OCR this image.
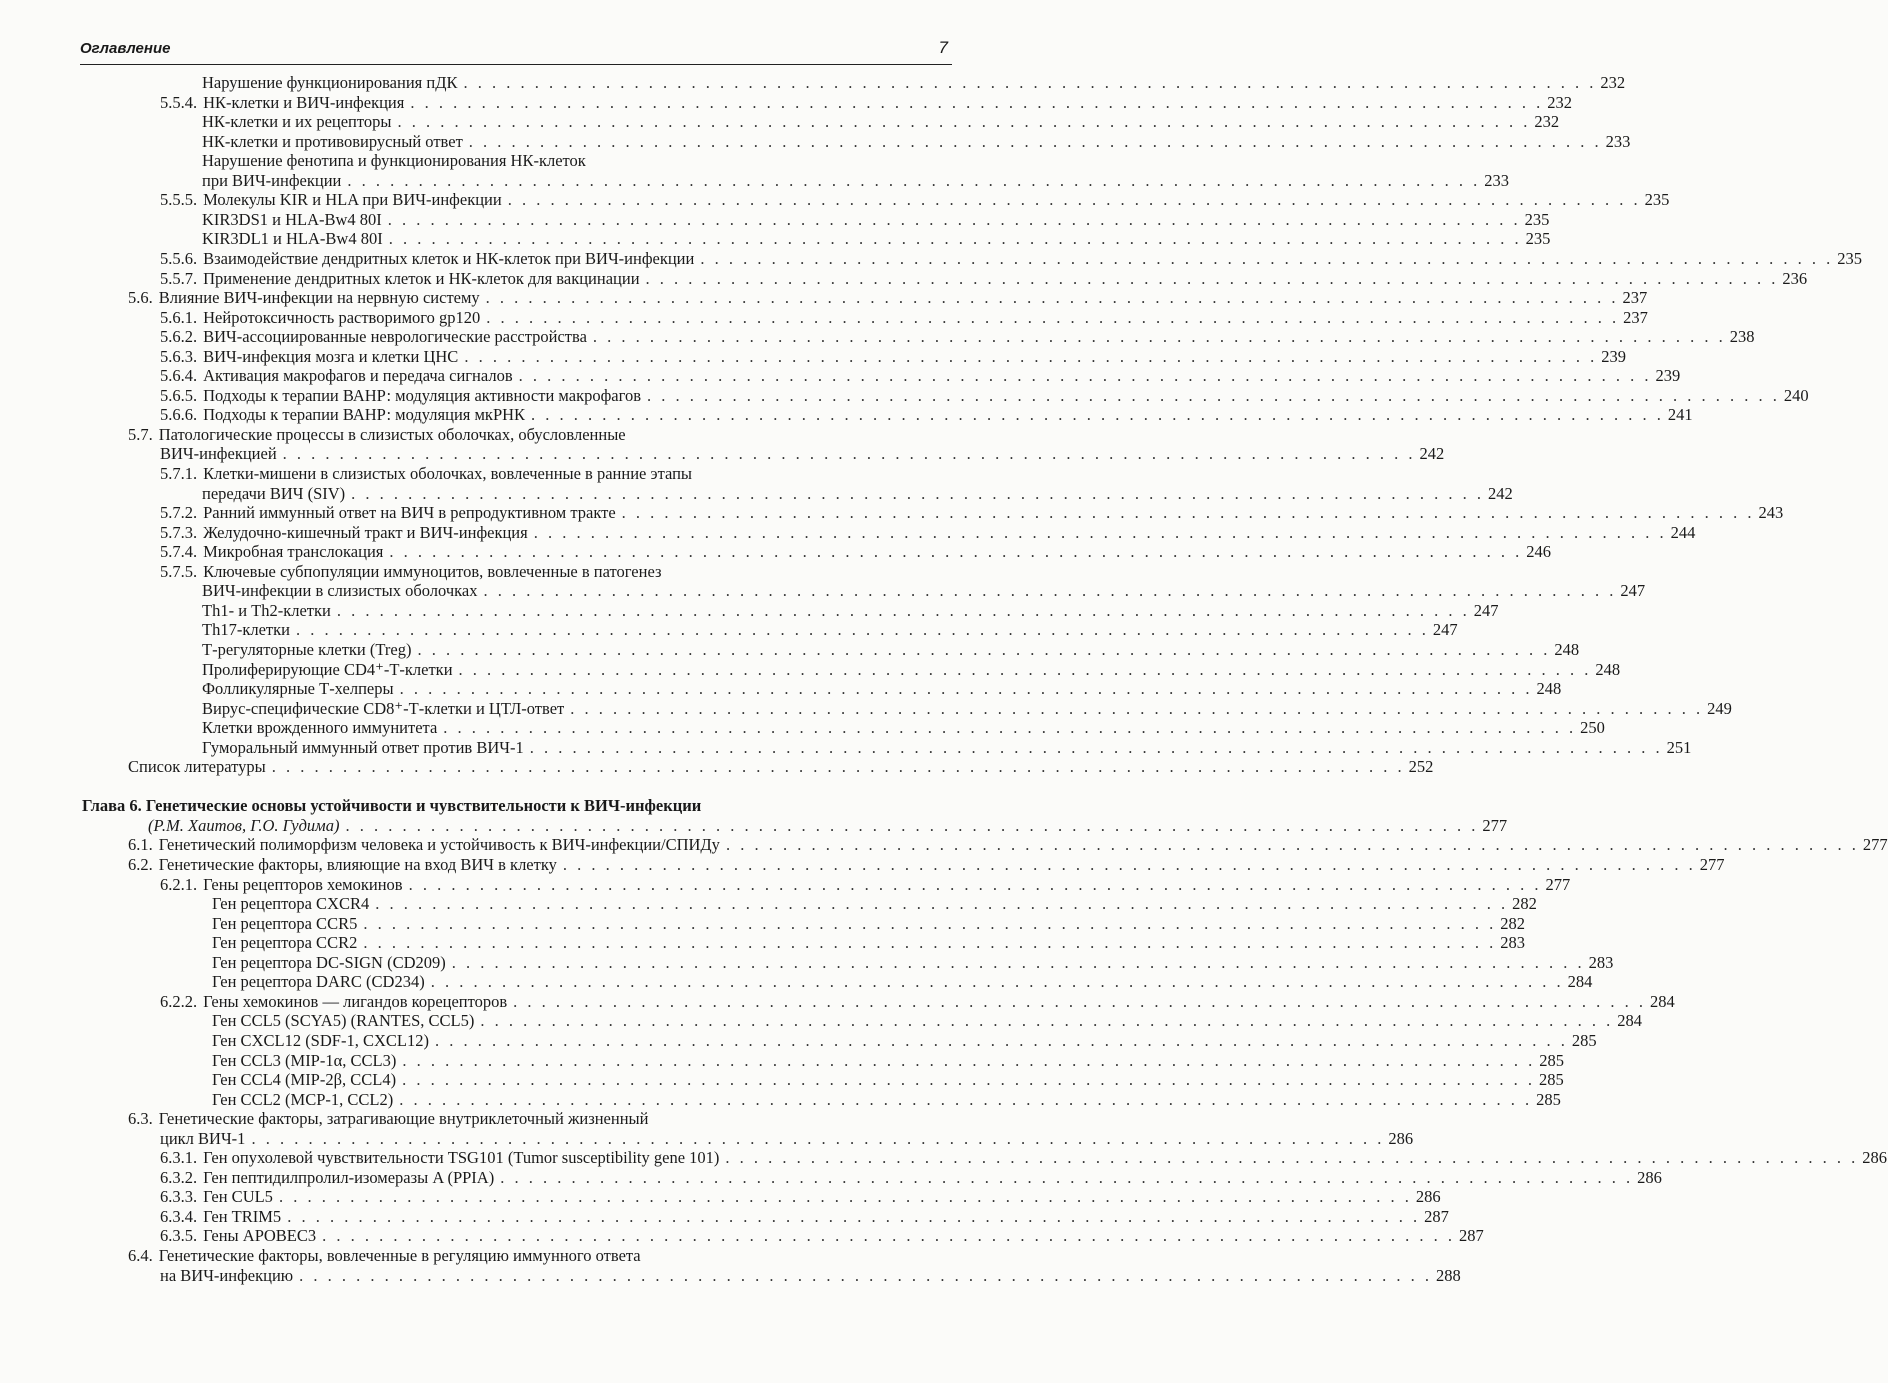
Оглавление	7
Нарушение функционирования пДК . . . . . . . . . . . . . . . . . . . . . . . . . . . . . . . . . . . . . . . . . . . . . . . . . . . . . . . . . . . . . . . . . . . . . . . . . . . . . . . . 232
5.5.4. НК-клетки и ВИЧ-инфекция . . . . . . . . . . . . . . . . . . . . . . . . . . . . . . . . . . . . . . . . . . . . . . . . . . . . . . . . . . . . . . . . . . . . . . . . . . . . . . . . 232
НК-клетки и их рецепторы . . . . . . . . . . . . . . . . . . . . . . . . . . . . . . . . . . . . . . . . . . . . . . . . . . . . . . . . . . . . . . . . . . . . . . . . . . . . . . . . 232
НК-клетки и противовирусный ответ . . . . . . . . . . . . . . . . . . . . . . . . . . . . . . . . . . . . . . . . . . . . . . . . . . . . . . . . . . . . . . . . . . . . . . . . . . . . . . . . 233
Нарушение фенотипа и функционирования НК-клеток
при ВИЧ-инфекции . . . . . . . . . . . . . . . . . . . . . . . . . . . . . . . . . . . . . . . . . . . . . . . . . . . . . . . . . . . . . . . . . . . . . . . . . . . . . . . . 233
5.5.5. Молекулы KIR и HLA при ВИЧ-инфекции . . . . . . . . . . . . . . . . . . . . . . . . . . . . . . . . . . . . . . . . . . . . . . . . . . . . . . . . . . . . . . . . . . . . . . . . . . . . . . . . 235
KIR3DS1 и HLA-Bw4 80I . . . . . . . . . . . . . . . . . . . . . . . . . . . . . . . . . . . . . . . . . . . . . . . . . . . . . . . . . . . . . . . . . . . . . . . . . . . . . . . . 235
KIR3DL1 и HLA-Bw4 80I . . . . . . . . . . . . . . . . . . . . . . . . . . . . . . . . . . . . . . . . . . . . . . . . . . . . . . . . . . . . . . . . . . . . . . . . . . . . . . . . 235
5.5.6. Взаимодействие дендритных клеток и НК-клеток при ВИЧ-инфекции . . . . . . . . . . . . . . . . . . . . . . . . . . . . . . . . . . . . . . . . . . . . . . . . . . . . . . . . . . . . . . . . . . . . . . . . . . . . . . . . 235
5.5.7. Применение дендритных клеток и НК-клеток для вакцинации . . . . . . . . . . . . . . . . . . . . . . . . . . . . . . . . . . . . . . . . . . . . . . . . . . . . . . . . . . . . . . . . . . . . . . . . . . . . . . . . 236
5.6. Влияние ВИЧ-инфекции на нервную систему . . . . . . . . . . . . . . . . . . . . . . . . . . . . . . . . . . . . . . . . . . . . . . . . . . . . . . . . . . . . . . . . . . . . . . . . . . . . . . . . 237
5.6.1. Нейротоксичность растворимого gp120 . . . . . . . . . . . . . . . . . . . . . . . . . . . . . . . . . . . . . . . . . . . . . . . . . . . . . . . . . . . . . . . . . . . . . . . . . . . . . . . . 237
5.6.2. ВИЧ-ассоциированные неврологические расстройства . . . . . . . . . . . . . . . . . . . . . . . . . . . . . . . . . . . . . . . . . . . . . . . . . . . . . . . . . . . . . . . . . . . . . . . . . . . . . . . . 238
5.6.3. ВИЧ-инфекция мозга и клетки ЦНС . . . . . . . . . . . . . . . . . . . . . . . . . . . . . . . . . . . . . . . . . . . . . . . . . . . . . . . . . . . . . . . . . . . . . . . . . . . . . . . . 239
5.6.4. Активация макрофагов и передача сигналов . . . . . . . . . . . . . . . . . . . . . . . . . . . . . . . . . . . . . . . . . . . . . . . . . . . . . . . . . . . . . . . . . . . . . . . . . . . . . . . . 239
5.6.5. Подходы к терапии ВАНР: модуляция активности макрофагов . . . . . . . . . . . . . . . . . . . . . . . . . . . . . . . . . . . . . . . . . . . . . . . . . . . . . . . . . . . . . . . . . . . . . . . . . . . . . . . . 240
5.6.6. Подходы к терапии ВАНР: модуляция мкРНК . . . . . . . . . . . . . . . . . . . . . . . . . . . . . . . . . . . . . . . . . . . . . . . . . . . . . . . . . . . . . . . . . . . . . . . . . . . . . . . . 241
5.7. Патологические процессы в слизистых оболочках, обусловленные
ВИЧ-инфекцией . . . . . . . . . . . . . . . . . . . . . . . . . . . . . . . . . . . . . . . . . . . . . . . . . . . . . . . . . . . . . . . . . . . . . . . . . . . . . . . . 242
5.7.1. Клетки-мишени в слизистых оболочках, вовлеченные в ранние этапы
передачи ВИЧ (SIV) . . . . . . . . . . . . . . . . . . . . . . . . . . . . . . . . . . . . . . . . . . . . . . . . . . . . . . . . . . . . . . . . . . . . . . . . . . . . . . . . 242
5.7.2. Ранний иммунный ответ на ВИЧ в репродуктивном тракте . . . . . . . . . . . . . . . . . . . . . . . . . . . . . . . . . . . . . . . . . . . . . . . . . . . . . . . . . . . . . . . . . . . . . . . . . . . . . . . . 243
5.7.3. Желудочно-кишечный тракт и ВИЧ-инфекция . . . . . . . . . . . . . . . . . . . . . . . . . . . . . . . . . . . . . . . . . . . . . . . . . . . . . . . . . . . . . . . . . . . . . . . . . . . . . . . . 244
5.7.4. Микробная транслокация . . . . . . . . . . . . . . . . . . . . . . . . . . . . . . . . . . . . . . . . . . . . . . . . . . . . . . . . . . . . . . . . . . . . . . . . . . . . . . . . 246
5.7.5. Ключевые субпопуляции иммуноцитов, вовлеченные в патогенез
ВИЧ-инфекции в слизистых оболочках . . . . . . . . . . . . . . . . . . . . . . . . . . . . . . . . . . . . . . . . . . . . . . . . . . . . . . . . . . . . . . . . . . . . . . . . . . . . . . . . 247
Th1- и Th2-клетки . . . . . . . . . . . . . . . . . . . . . . . . . . . . . . . . . . . . . . . . . . . . . . . . . . . . . . . . . . . . . . . . . . . . . . . . . . . . . . . . 247
Th17-клетки . . . . . . . . . . . . . . . . . . . . . . . . . . . . . . . . . . . . . . . . . . . . . . . . . . . . . . . . . . . . . . . . . . . . . . . . . . . . . . . . 247
Т-регуляторные клетки (Treg) . . . . . . . . . . . . . . . . . . . . . . . . . . . . . . . . . . . . . . . . . . . . . . . . . . . . . . . . . . . . . . . . . . . . . . . . . . . . . . . . 248
Пролиферирующие CD4⁺-Т-клетки . . . . . . . . . . . . . . . . . . . . . . . . . . . . . . . . . . . . . . . . . . . . . . . . . . . . . . . . . . . . . . . . . . . . . . . . . . . . . . . . 248
Фолликулярные Т-хелперы . . . . . . . . . . . . . . . . . . . . . . . . . . . . . . . . . . . . . . . . . . . . . . . . . . . . . . . . . . . . . . . . . . . . . . . . . . . . . . . . 248
Вирус-специфические CD8⁺-Т-клетки и ЦТЛ-ответ . . . . . . . . . . . . . . . . . . . . . . . . . . . . . . . . . . . . . . . . . . . . . . . . . . . . . . . . . . . . . . . . . . . . . . . . . . . . . . . . 249
Клетки врожденного иммунитета . . . . . . . . . . . . . . . . . . . . . . . . . . . . . . . . . . . . . . . . . . . . . . . . . . . . . . . . . . . . . . . . . . . . . . . . . . . . . . . . 250
Гуморальный иммунный ответ против ВИЧ-1 . . . . . . . . . . . . . . . . . . . . . . . . . . . . . . . . . . . . . . . . . . . . . . . . . . . . . . . . . . . . . . . . . . . . . . . . . . . . . . . . 251
Список литературы . . . . . . . . . . . . . . . . . . . . . . . . . . . . . . . . . . . . . . . . . . . . . . . . . . . . . . . . . . . . . . . . . . . . . . . . . . . . . . . . 252
Глава 6. Генетические основы устойчивости и чувствительности к ВИЧ-инфекции
(Р.М. Хаитов, Г.О. Гудима) . . . . . . . . . . . . . . . . . . . . . . . . . . . . . . . . . . . . . . . . . . . . . . . . . . . . . . . . . . . . . . . . . . . . . . . . . . . . . . . . 277
6.1. Генетический полиморфизм человека и устойчивость к ВИЧ-инфекции/СПИДу . . . . . . . . . . . . . . . . . . . . . . . . . . . . . . . . . . . . . . . . . . . . . . . . . . . . . . . . . . . . . . . . . . . . . . . . . . . . . . . . 277
6.2. Генетические факторы, влияющие на вход ВИЧ в клетку . . . . . . . . . . . . . . . . . . . . . . . . . . . . . . . . . . . . . . . . . . . . . . . . . . . . . . . . . . . . . . . . . . . . . . . . . . . . . . . . 277
6.2.1. Гены рецепторов хемокинов . . . . . . . . . . . . . . . . . . . . . . . . . . . . . . . . . . . . . . . . . . . . . . . . . . . . . . . . . . . . . . . . . . . . . . . . . . . . . . . . 277
Ген рецептора CXCR4 . . . . . . . . . . . . . . . . . . . . . . . . . . . . . . . . . . . . . . . . . . . . . . . . . . . . . . . . . . . . . . . . . . . . . . . . . . . . . . . . 282
Ген рецептора CCR5 . . . . . . . . . . . . . . . . . . . . . . . . . . . . . . . . . . . . . . . . . . . . . . . . . . . . . . . . . . . . . . . . . . . . . . . . . . . . . . . . 282
Ген рецептора CCR2 . . . . . . . . . . . . . . . . . . . . . . . . . . . . . . . . . . . . . . . . . . . . . . . . . . . . . . . . . . . . . . . . . . . . . . . . . . . . . . . . 283
Ген рецептора DC-SIGN (CD209) . . . . . . . . . . . . . . . . . . . . . . . . . . . . . . . . . . . . . . . . . . . . . . . . . . . . . . . . . . . . . . . . . . . . . . . . . . . . . . . . 283
Ген рецептора DARC (CD234) . . . . . . . . . . . . . . . . . . . . . . . . . . . . . . . . . . . . . . . . . . . . . . . . . . . . . . . . . . . . . . . . . . . . . . . . . . . . . . . . 284
6.2.2. Гены хемокинов — лигандов корецепторов . . . . . . . . . . . . . . . . . . . . . . . . . . . . . . . . . . . . . . . . . . . . . . . . . . . . . . . . . . . . . . . . . . . . . . . . . . . . . . . . 284
Ген CCL5 (SCYA5) (RANTES, CCL5) . . . . . . . . . . . . . . . . . . . . . . . . . . . . . . . . . . . . . . . . . . . . . . . . . . . . . . . . . . . . . . . . . . . . . . . . . . . . . . . . 284
Ген CXCL12 (SDF-1, CXCL12) . . . . . . . . . . . . . . . . . . . . . . . . . . . . . . . . . . . . . . . . . . . . . . . . . . . . . . . . . . . . . . . . . . . . . . . . . . . . . . . . 285
Ген CCL3 (MIP-1α, CCL3) . . . . . . . . . . . . . . . . . . . . . . . . . . . . . . . . . . . . . . . . . . . . . . . . . . . . . . . . . . . . . . . . . . . . . . . . . . . . . . . . 285
Ген CCL4 (MIP-2β, CCL4) . . . . . . . . . . . . . . . . . . . . . . . . . . . . . . . . . . . . . . . . . . . . . . . . . . . . . . . . . . . . . . . . . . . . . . . . . . . . . . . . 285
Ген CCL2 (MCP-1, CCL2) . . . . . . . . . . . . . . . . . . . . . . . . . . . . . . . . . . . . . . . . . . . . . . . . . . . . . . . . . . . . . . . . . . . . . . . . . . . . . . . . 285
6.3. Генетические факторы, затрагивающие внутриклеточный жизненный
цикл ВИЧ-1 . . . . . . . . . . . . . . . . . . . . . . . . . . . . . . . . . . . . . . . . . . . . . . . . . . . . . . . . . . . . . . . . . . . . . . . . . . . . . . . . 286
6.3.1. Ген опухолевой чувствительности TSG101 (Tumor susceptibility gene 101) . . . . . . . . . . . . . . . . . . . . . . . . . . . . . . . . . . . . . . . . . . . . . . . . . . . . . . . . . . . . . . . . . . . . . . . . . . . . . . . . 286
6.3.2. Ген пептидилпролил-изомеразы A (PPIA) . . . . . . . . . . . . . . . . . . . . . . . . . . . . . . . . . . . . . . . . . . . . . . . . . . . . . . . . . . . . . . . . . . . . . . . . . . . . . . . . 286
6.3.3. Ген CUL5 . . . . . . . . . . . . . . . . . . . . . . . . . . . . . . . . . . . . . . . . . . . . . . . . . . . . . . . . . . . . . . . . . . . . . . . . . . . . . . . . 286
6.3.4. Ген TRIM5 . . . . . . . . . . . . . . . . . . . . . . . . . . . . . . . . . . . . . . . . . . . . . . . . . . . . . . . . . . . . . . . . . . . . . . . . . . . . . . . . 287
6.3.5. Гены APOBEC3 . . . . . . . . . . . . . . . . . . . . . . . . . . . . . . . . . . . . . . . . . . . . . . . . . . . . . . . . . . . . . . . . . . . . . . . . . . . . . . . . 287
6.4. Генетические факторы, вовлеченные в регуляцию иммунного ответа
на ВИЧ-инфекцию . . . . . . . . . . . . . . . . . . . . . . . . . . . . . . . . . . . . . . . . . . . . . . . . . . . . . . . . . . . . . . . . . . . . . . . . . . . . . . . . 288
